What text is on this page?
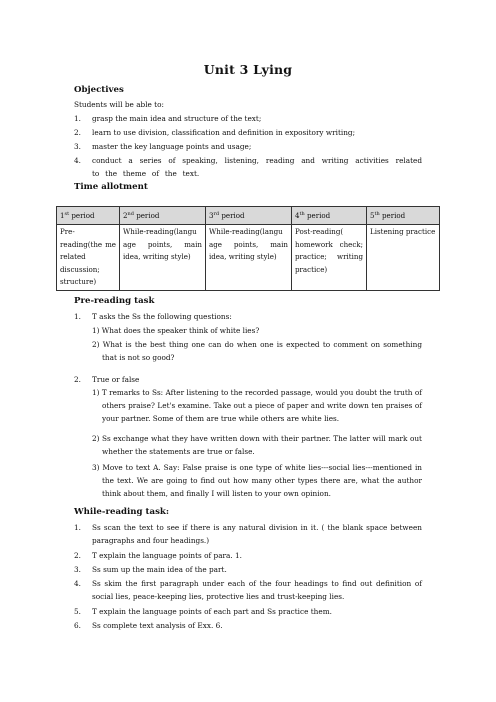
Unit 3 Lying
Objectives
Students will be able to:
1. grasp the main idea and structure of the text;
2. learn to use division, classification and definition in expository writing;
3. master the key language points and usage;
4. conduct a series of speaking, listening, reading and writing activities related to the theme of the text.
Time allotment
1st period	2nd period	3rd period	4th period	5th period
Pre-reading(the me related discussion; structure)	While-reading(langu age points, main idea, writing style)	While-reading(langu age points, main idea, writing style)	Post-reading( homework check; practice; writing practice)	Listening practice
Pre-reading task
1. T asks the Ss the following questions:
1) What does the speaker think of white lies?
2) What is the best thing one can do when one is expected to comment on something that is not so good?
2. True or false
1) T remarks to Ss: After listening to the recorded passage, would you doubt the truth of others praise? Let's examine. Take out a piece of paper and write down ten praises of your partner. Some of them are true while others are white lies.
2) Ss exchange what they have written down with their partner. The latter will mark out whether the statements are true or false.
3) Move to text A. Say: False praise is one type of white lies---social lies---mentioned in the text. We are going to find out how many other types there are, what the author think about them, and finally I will listen to your own opinion.
While-reading task:
1. Ss scan the text to see if there is any natural division in it. ( the blank space between paragraphs and four headings.)
2. T explain the language points of para. 1.
3. Ss sum up the main idea of the part.
4. Ss skim the first paragraph under each of the four headings to find out definition of social lies, peace-keeping lies, protective lies and trust-keeping lies.
5. T explain the language points of each part and Ss practice them.
6. Ss complete text analysis of Exx. 6.
